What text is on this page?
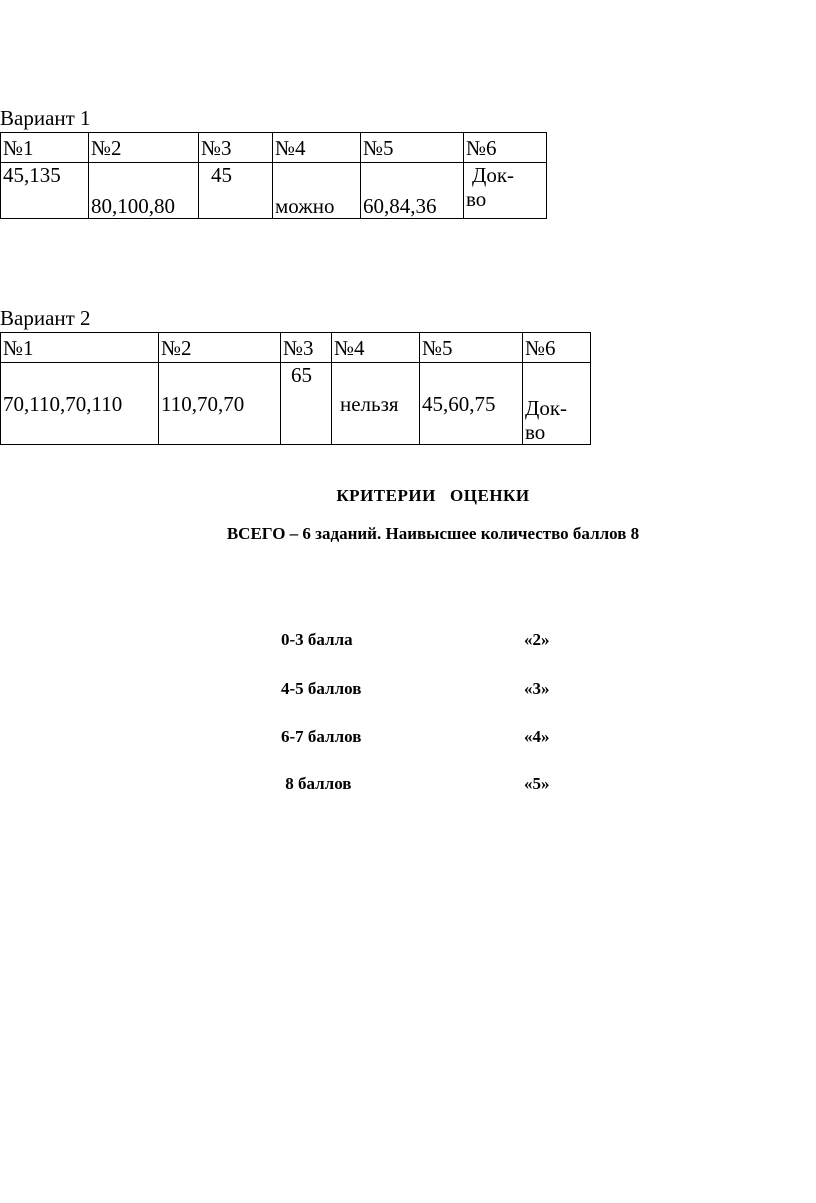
Вариант 1
№1	№2	№3	№4	№5	№6
45,135	80,100,80	45	можно	60,84,36	Док-
во
Вариант 2
№1	№2	№3	№4	№5	№6
70,110,70,110	110,70,70	65	нельзя	45,60,75	Док-
во
КРИТЕРИИ   ОЦЕНКИ
ВСЕГО – 6 заданий. Наивысшее количество баллов 8
0-3 балла	«2»
4-5 баллов	«3»
6-7 баллов	«4»
8 баллов	«5»
